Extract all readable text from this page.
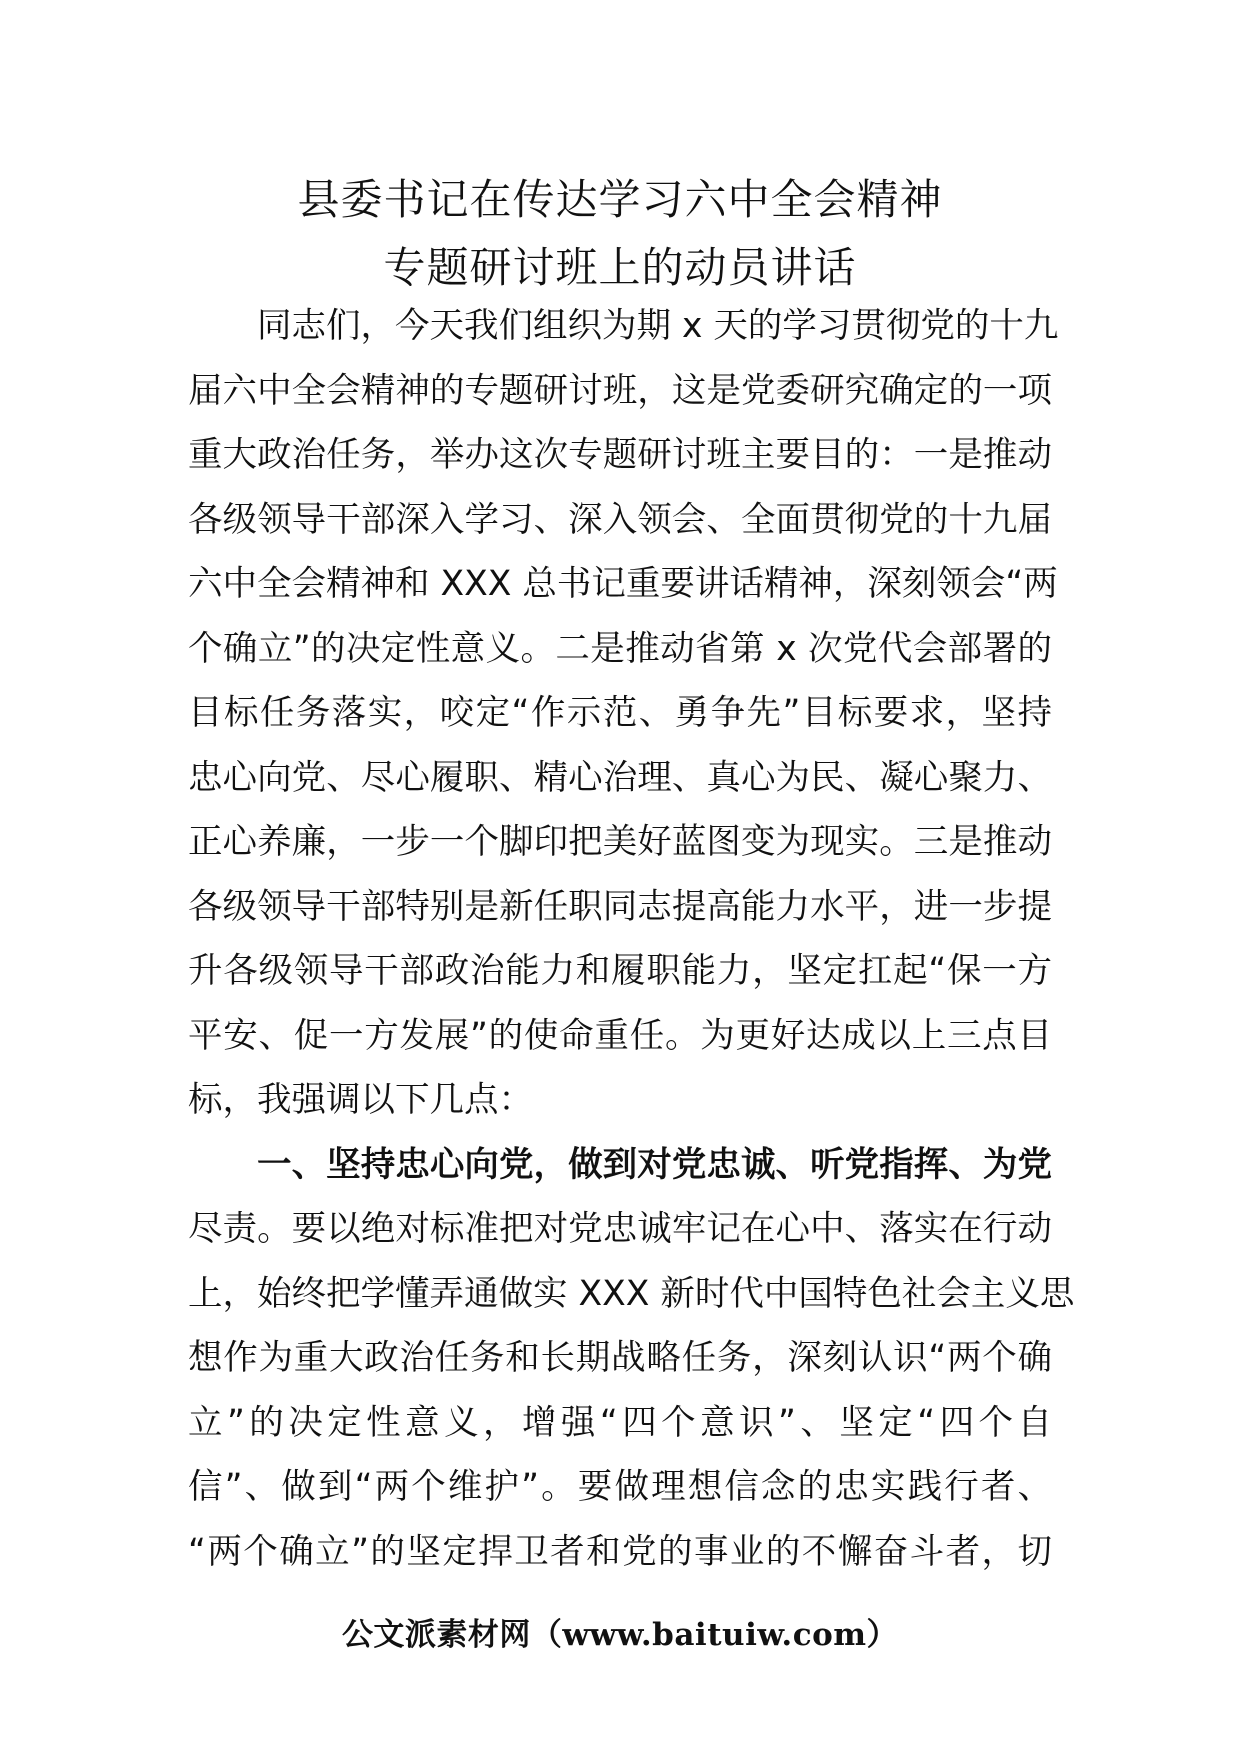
县委书记在传达学习六中全会精神
专题研讨班上的动员讲话
同志们，今天我们组织为期 x 天的学习贯彻党的十九
届六中全会精神的专题研讨班，这是党委研究确定的一项
重大政治任务，举办这次专题研讨班主要目的：一是推动
各级领导干部深入学习、深入领会、全面贯彻党的十九届
六中全会精神和 XXX 总书记重要讲话精神，深刻领会“两
个确立”的决定性意义。二是推动省第 x 次党代会部署的
目标任务落实，咬定“作示范、勇争先”目标要求，坚持
忠心向党、尽心履职、精心治理、真心为民、凝心聚力、
正心养廉，一步一个脚印把美好蓝图变为现实。三是推动
各级领导干部特别是新任职同志提高能力水平，进一步提
升各级领导干部政治能力和履职能力，坚定扛起“保一方
平安、促一方发展”的使命重任。为更好达成以上三点目
标，我强调以下几点：
一、坚持忠心向党，做到对党忠诚、听党指挥、为党
尽责。要以绝对标准把对党忠诚牢记在心中、落实在行动
上，始终把学懂弄通做实 XXX 新时代中国特色社会主义思
想作为重大政治任务和长期战略任务，深刻认识“两个确
立”的决定性意义，增强“四个意识”、坚定“四个自
信”、做到“两个维护”。要做理想信念的忠实践行者、
“两个确立”的坚定捍卫者和党的事业的不懈奋斗者，切
公文派素材网（www.baituiw.com）
